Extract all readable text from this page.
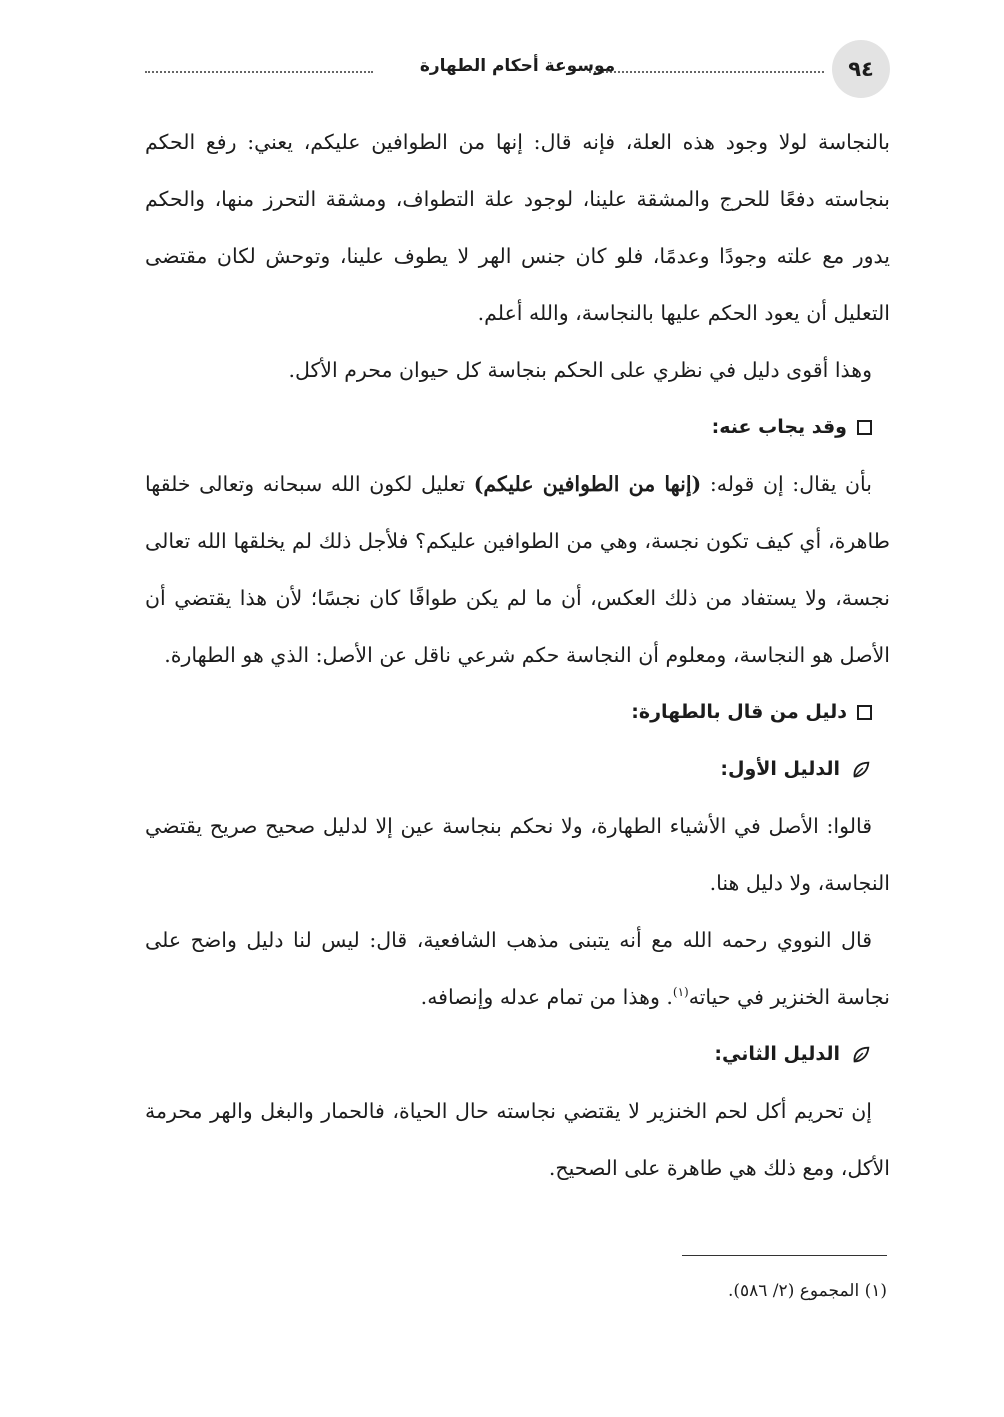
٩٤
موسوعة أحكام الطهارة

بالنجاسة لولا وجود هذه العلة، فإنه قال: إنها من الطوافين عليكم، يعني: رفع الحكم بنجاسته دفعًا للحرج والمشقة علينا، لوجود علة التطواف، ومشقة التحرز منها، والحكم يدور مع علته وجودًا وعدمًا، فلو كان جنس الهر لا يطوف علينا، وتوحش لكان مقتضى التعليل أن يعود الحكم عليها بالنجاسة، والله أعلم.

وهذا أقوى دليل في نظري على الحكم بنجاسة كل حيوان محرم الأكل.

وقد يجاب عنه:

بأن يقال: إن قوله: (إنها من الطوافين عليكم) تعليل لكون الله سبحانه وتعالى خلقها طاهرة، أي كيف تكون نجسة، وهي من الطوافين عليكم؟ فلأجل ذلك لم يخلقها الله تعالى نجسة، ولا يستفاد من ذلك العكس، أن ما لم يكن طوافًا كان نجسًا؛ لأن هذا يقتضي أن الأصل هو النجاسة، ومعلوم أن النجاسة حكم شرعي ناقل عن الأصل: الذي هو الطهارة.

دليل من قال بالطهارة:
الدليل الأول:

قالوا: الأصل في الأشياء الطهارة، ولا نحكم بنجاسة عين إلا لدليل صحيح صريح يقتضي النجاسة، ولا دليل هنا.

قال النووي رحمه الله مع أنه يتبنى مذهب الشافعية، قال: ليس لنا دليل واضح على نجاسة الخنزير في حياته$^{(١)}$. وهذا من تمام عدله وإنصافه.

الدليل الثاني:

إن تحريم أكل لحم الخنزير لا يقتضي نجاسته حال الحياة، فالحمار والبغل والهر محرمة الأكل، ومع ذلك هي طاهرة على الصحيح.

(١) المجموع (٢/ ٥٨٦).
